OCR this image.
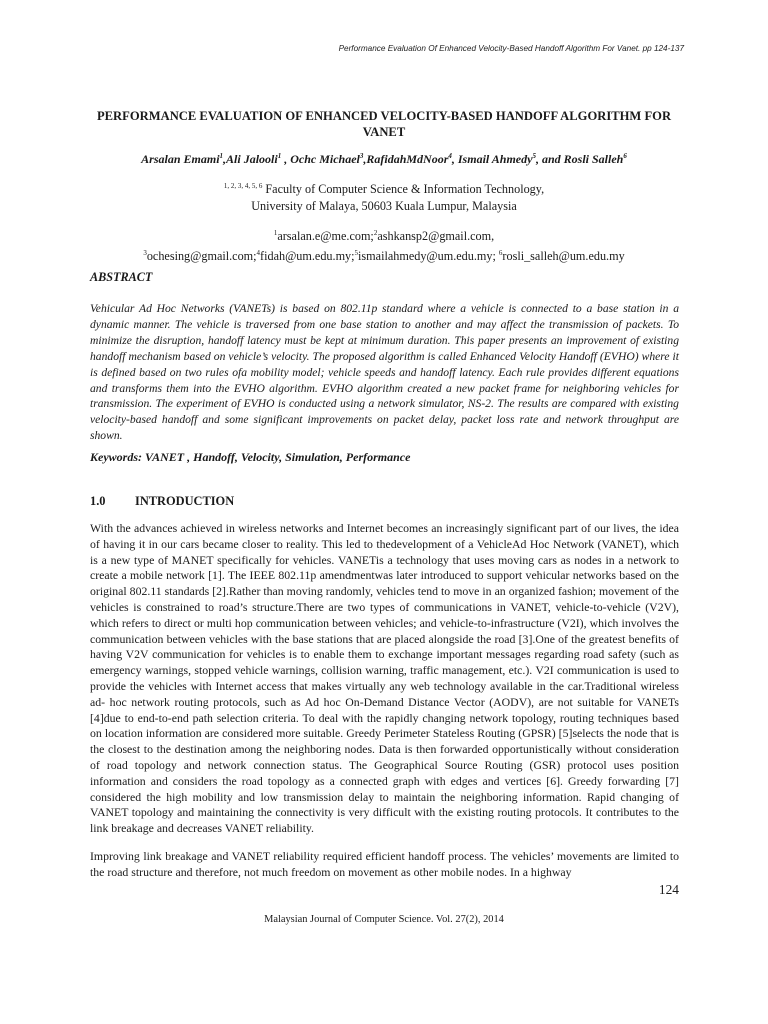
Performance Evaluation Of Enhanced Velocity-Based Handoff Algorithm For Vanet. pp 124-137
PERFORMANCE EVALUATION OF ENHANCED VELOCITY-BASED HANDOFF ALGORITHM FOR
VANET
Arsalan Emami$^1$,Ali Jalooli$^1$ , Ochc Michael$^3$,RafidahMdNoor$^4$, Ismail Ahmedy$^5$, and Rosli Salleh$^6$
$^{1, 2, 3, 4, 5, 6}$ Faculty of Computer Science & Information Technology,
University of Malaya, 50603 Kuala Lumpur, Malaysia
$^1$arsalan.e@me.com;$^2$ashkansp2@gmail.com,
$^3$ochesing@gmail.com;$^4$fidah@um.edu.my;$^5$ismailahmedy@um.edu.my; $^6$rosli_salleh@um.edu.my
ABSTRACT

Vehicular Ad Hoc Networks (VANETs) is based on 802.11p standard where a vehicle is connected to a base station in a dynamic manner. The vehicle is traversed from one base station to another and may affect the transmission of packets. To minimize the disruption, handoff latency must be kept at minimum duration. This paper presents an improvement of existing handoff mechanism based on vehicle’s velocity. The proposed algorithm is called Enhanced Velocity Handoff (EVHO) where it is defined based on two rules ofa mobility model; vehicle speeds and handoff latency. Each rule provides different equations and transforms them into the EVHO algorithm. EVHO algorithm created a new packet frame for neighboring vehicles for transmission. The experiment of EVHO is conducted using a network simulator, NS-2. The results are compared with existing velocity-based handoff and some significant improvements on packet delay, packet loss rate and network throughput are shown.

Keywords: VANET , Handoff, Velocity, Simulation, Performance
1.0 INTRODUCTION

With the advances achieved in wireless networks and Internet becomes an increasingly significant part of our lives, the idea of having it in our cars became closer to reality. This led to thedevelopment of a VehicleAd Hoc Network (VANET), which is a new type of MANET specifically for vehicles. VANETis a technology that uses moving cars as nodes in a network to create a mobile network [1]. The IEEE 802.11p amendmentwas later introduced to support vehicular networks based on the original 802.11 standards [2].Rather than moving randomly, vehicles tend to move in an organized fashion; movement of the vehicles is constrained to road’s structure.There are two types of communications in VANET, vehicle-to-vehicle (V2V), which refers to direct or multi hop communication between vehicles; and vehicle-to-infrastructure (V2I), which involves the communication between vehicles with the base stations that are placed alongside the road [3].One of the greatest benefits of having V2V communication for vehicles is to enable them to exchange important messages regarding road safety (such as emergency warnings, stopped vehicle warnings, collision warning, traffic management, etc.). V2I communication is used to provide the vehicles with Internet access that makes virtually any web technology available in the car.Traditional wireless ad- hoc network routing protocols, such as Ad hoc On-Demand Distance Vector (AODV), are not suitable for VANETs [4]due to end-to-end path selection criteria. To deal with the rapidly changing network topology, routing techniques based on location information are considered more suitable. Greedy Perimeter Stateless Routing (GPSR) [5]selects the node that is the closest to the destination among the neighboring nodes. Data is then forwarded opportunistically without consideration of road topology and network connection status. The Geographical Source Routing (GSR) protocol uses position information and considers the road topology as a connected graph with edges and vertices [6]. Greedy forwarding [7] considered the high mobility and low transmission delay to maintain the neighboring information. Rapid changing of VANET topology and maintaining the connectivity is very difficult with the existing routing protocols. It contributes to the link breakage and decreases VANET reliability.

Improving link breakage and VANET reliability required efficient handoff process. The vehicles’ movements are limited to the road structure and therefore, not much freedom on movement as other mobile nodes. In a highway

124
Malaysian Journal of Computer Science. Vol. 27(2), 2014
